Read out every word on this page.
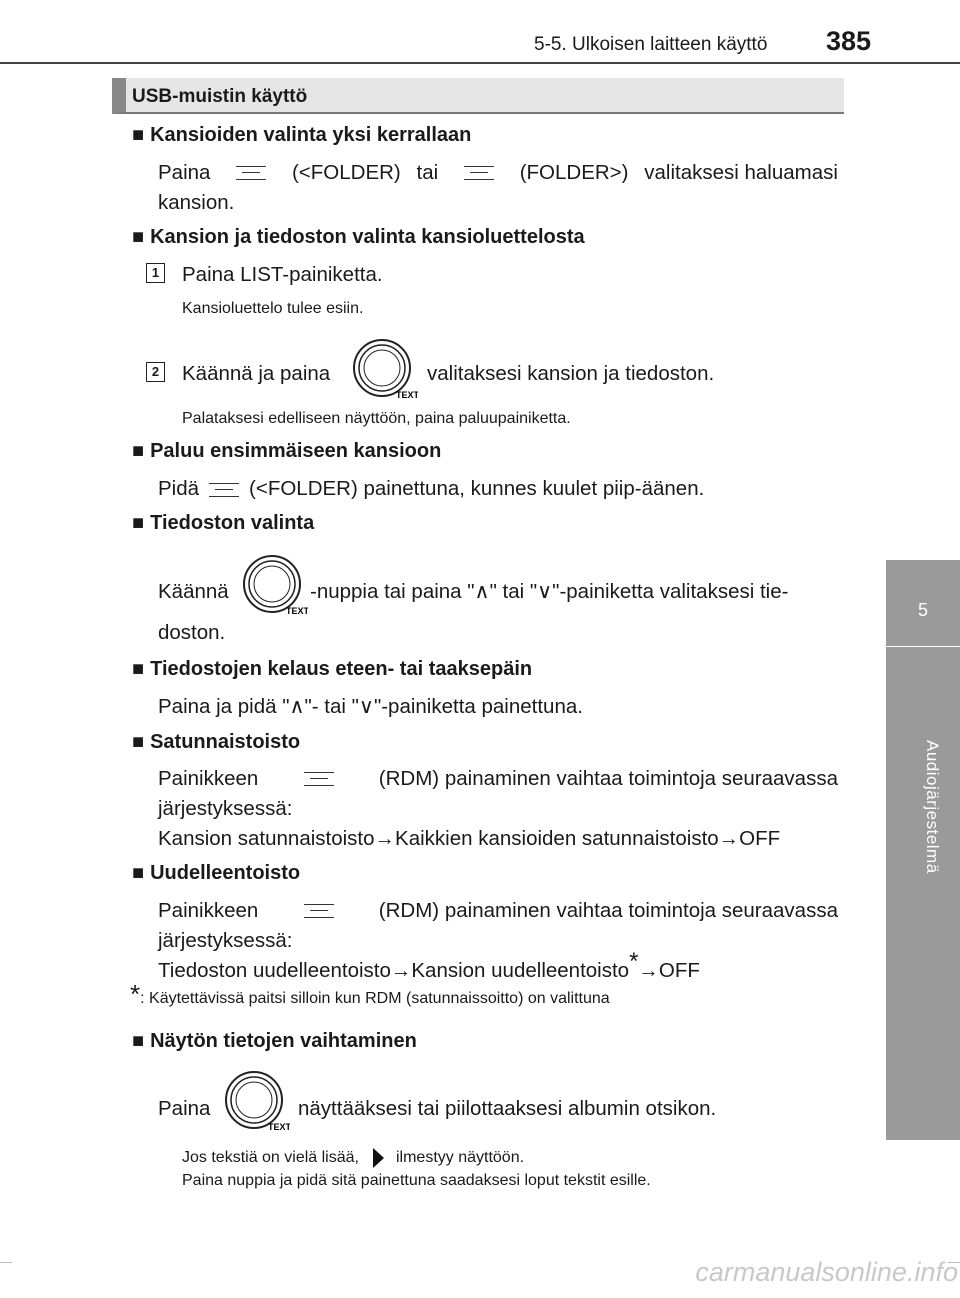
5-5. Ulkoisen laitteen käyttö 385
5
Audiojärjestelmä
USB-muistin käyttö
■ Kansioiden valinta yksi kerrallaan
Paina	(<FOLDER) tai	(FOLDER>) valitaksesi haluamasi
kansion.
■ Kansion ja tiedoston valinta kansioluettelosta
1 Paina LIST-painiketta.
Kansioluettelo tulee esiin.
2 Käännä ja paina
TEXT
valitaksesi kansion ja tiedoston.
Palataksesi edelliseen näyttöön, paina paluupainiketta.
■ Paluu ensimmäiseen kansioon
Pidä (<FOLDER) painettuna, kunnes kuulet piip-äänen.
■ Tiedoston valinta
Käännä
TEXT
-nuppia tai paina "∧" tai "∨"-painiketta valitaksesi tie-
doston.
■ Tiedostojen kelaus eteen- tai taaksepäin
Paina ja pidä "∧"- tai "∨"-painiketta painettuna.
■ Satunnaistoisto
Painikkeen	(RDM) painaminen vaihtaa toimintoja seuraavassa
järjestyksessä:
Kansion satunnaistoisto→Kaikkien kansioiden satunnaistoisto→OFF
■ Uudelleentoisto
Painikkeen	(RDM) painaminen vaihtaa toimintoja seuraavassa
järjestyksessä:
Tiedoston uudelleentoisto→Kansion uudelleentoisto*→OFF
*: Käytettävissä paitsi silloin kun RDM (satunnaissoitto) on valittuna
■ Näytön tietojen vaihtaminen
Paina
TEXT
näyttääksesi tai piilottaaksesi albumin otsikon.
Jos tekstiä on vielä lisää, ilmestyy näyttöön.
Paina nuppia ja pidä sitä painettuna saadaksesi loput tekstit esille.
carmanualsonline.info
